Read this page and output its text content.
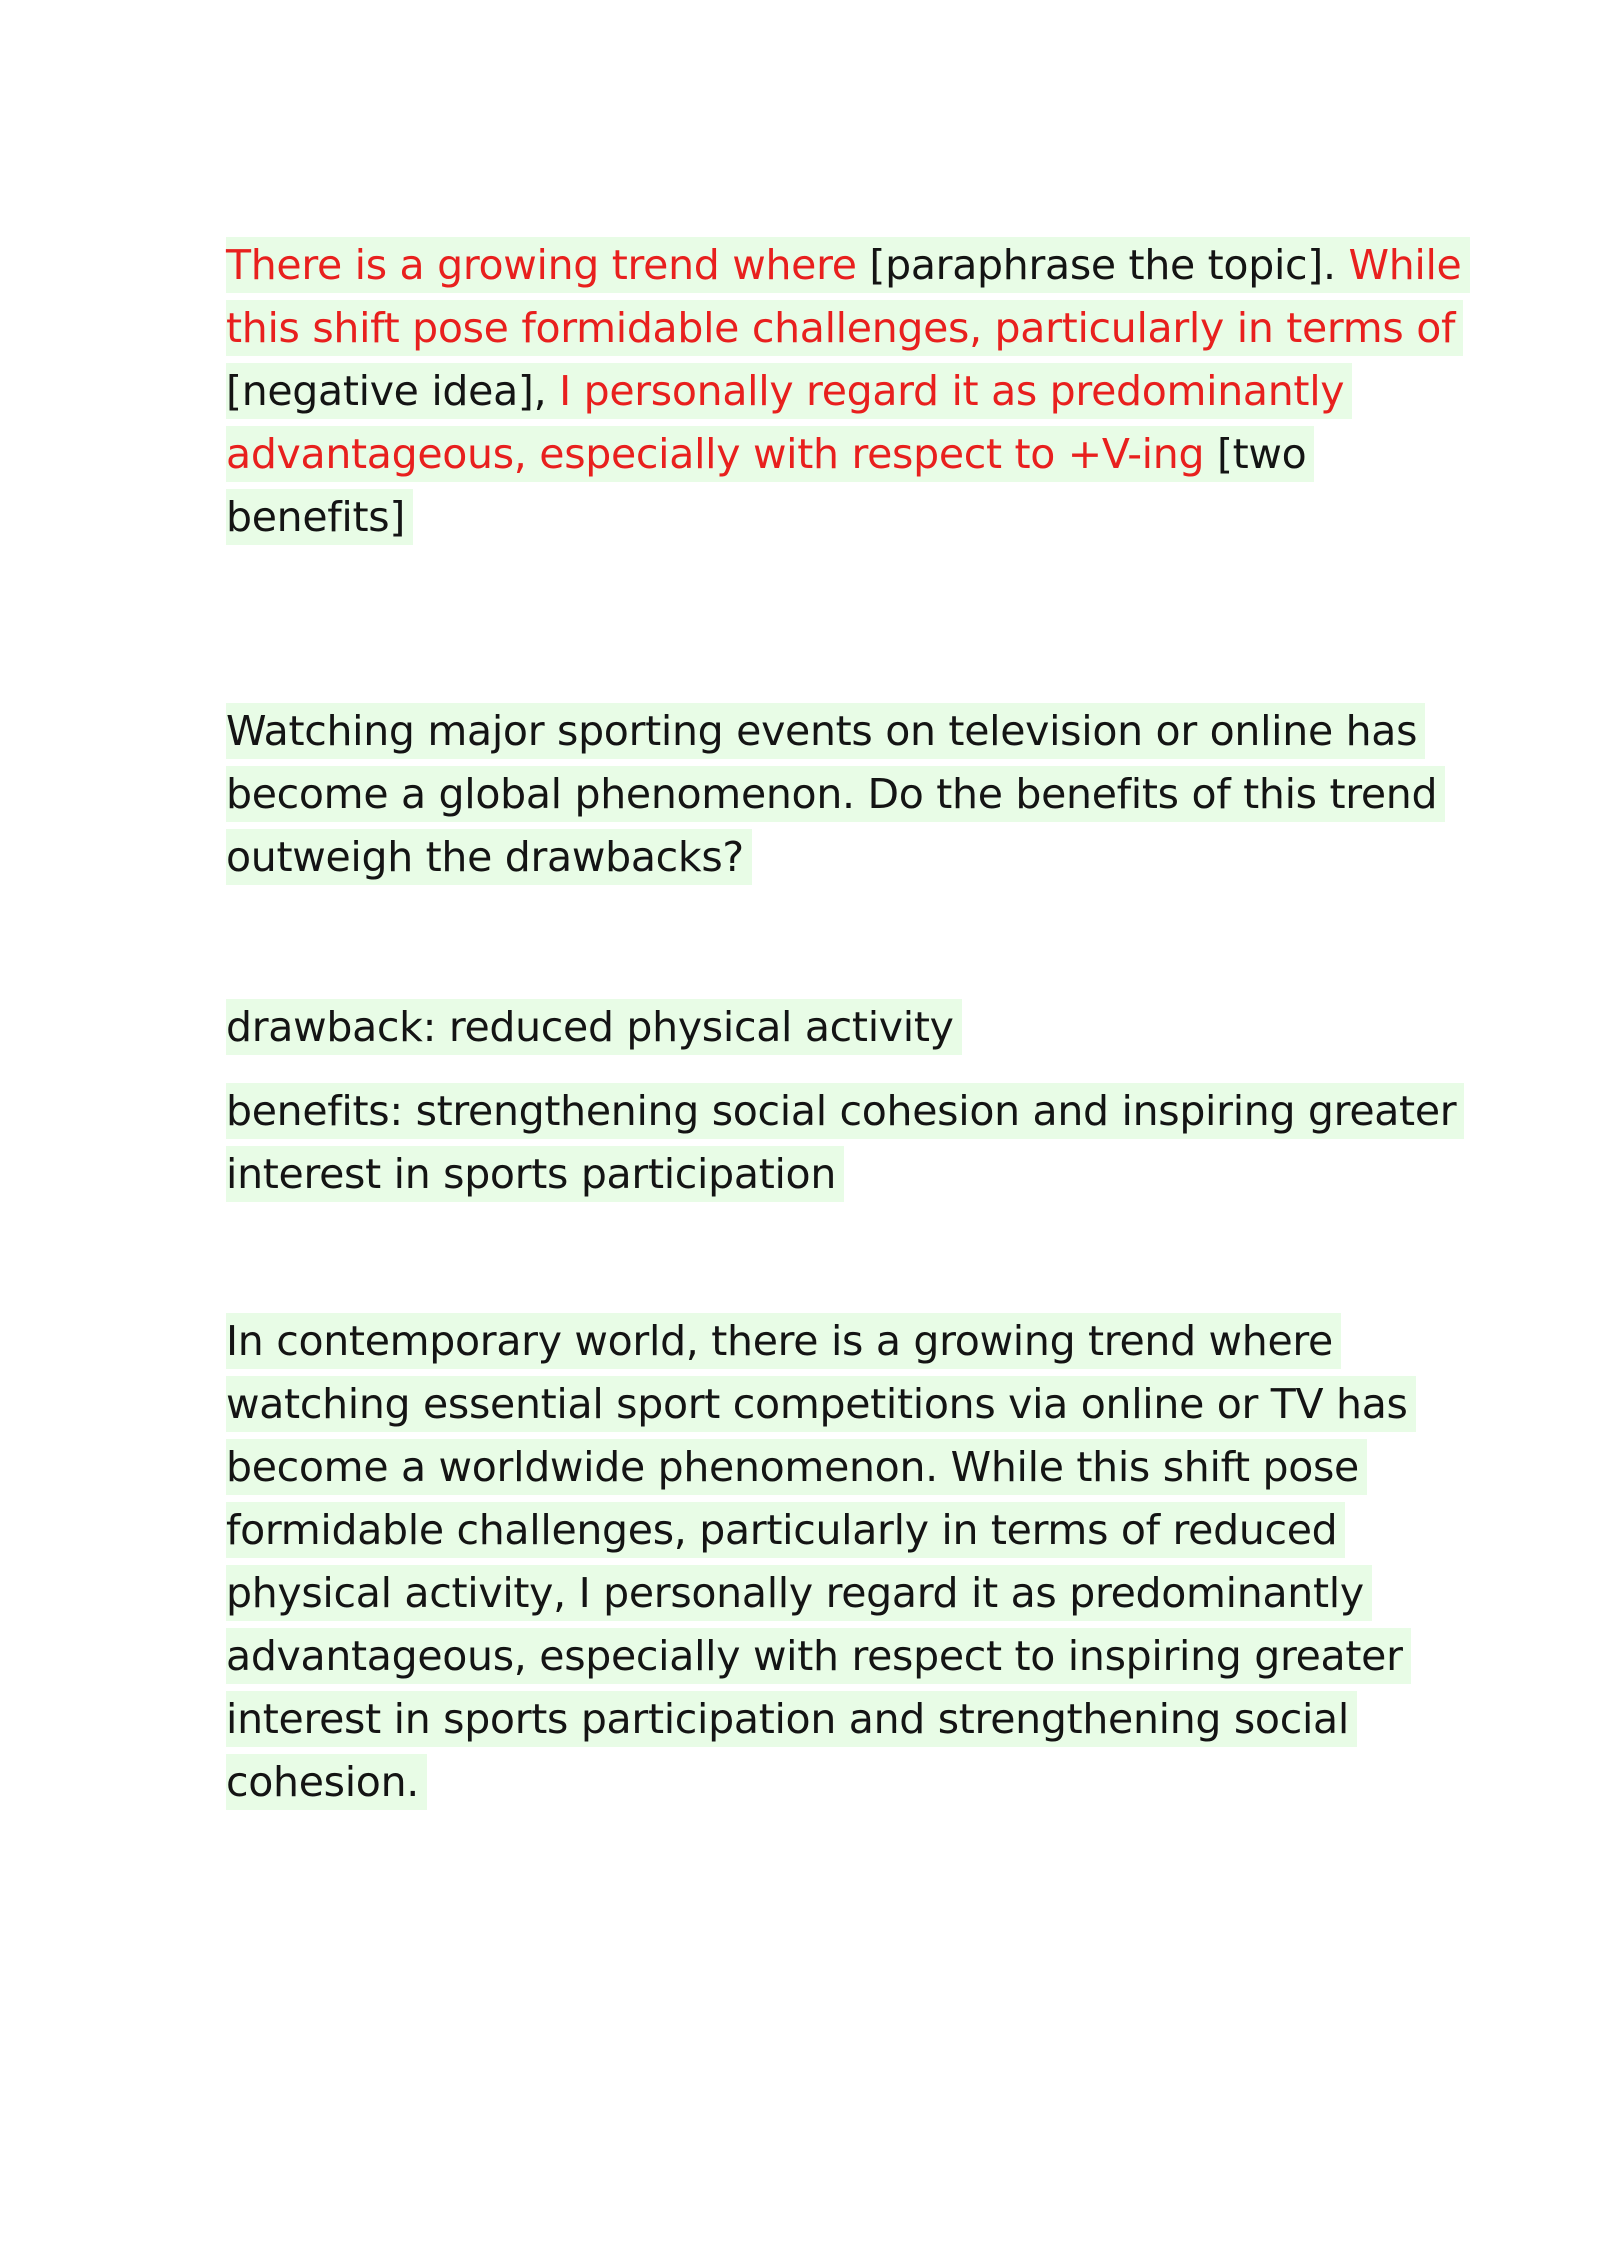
There is a growing trend where [paraphrase the topic]. While this shift pose formidable challenges, particularly in terms of [negative idea], I personally regard it as predominantly advantageous, especially with respect to +V-ing [two benefits]
Watching major sporting events on television or online has become a global phenomenon. Do the benefits of this trend outweigh the drawbacks?
drawback: reduced physical activity
benefits: strengthening social cohesion and inspiring greater interest in sports participation
In contemporary world, there is a growing trend where watching essential sport competitions via online or TV has become a worldwide phenomenon. While this shift pose formidable challenges, particularly in terms of reduced physical activity, I personally regard it as predominantly advantageous, especially with respect to inspiring greater interest in sports participation and strengthening social cohesion.
